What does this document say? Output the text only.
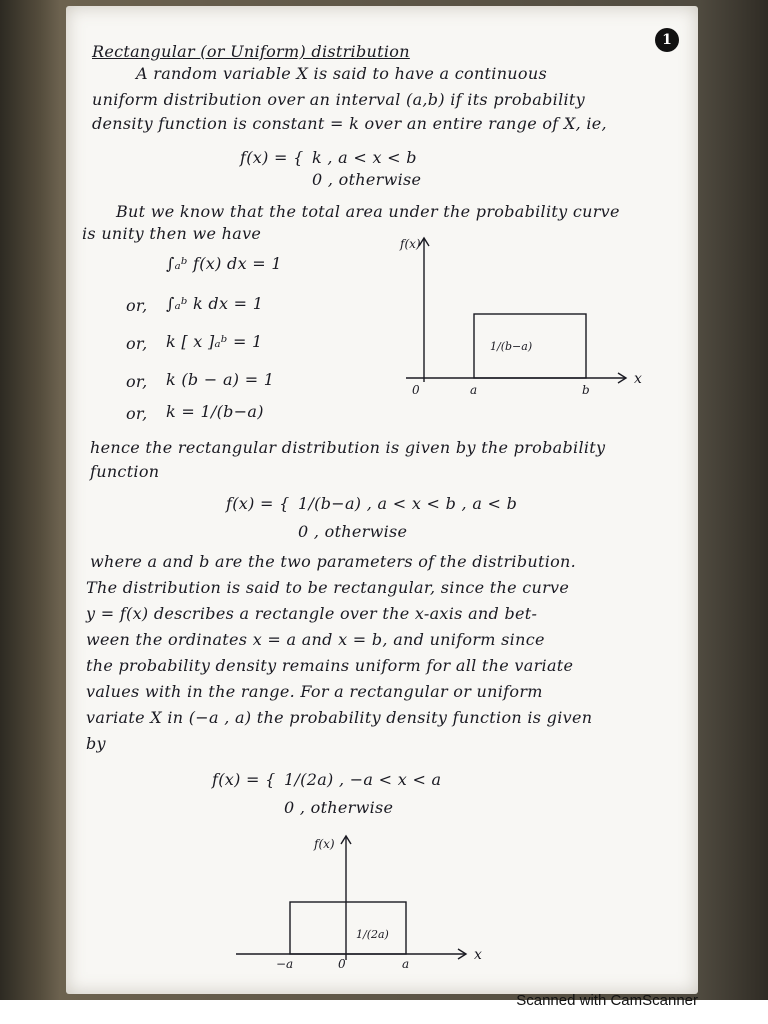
1
Rectangular (or Uniform) distribution
A random variable X is said to have a continuous
uniform distribution over an interval (a,b) if its probability
density function is constant = k over an entire range of X, ie,
f(x) = { k , a < x < b
0 , otherwise
But we know that the total area under the probability curve
is unity then we have
∫ₐᵇ f(x) dx = 1
or, ∫ₐᵇ k dx = 1
or, k [ x ]ₐᵇ = 1
or, k (b − a) = 1
or, k = 1/(b−a)
f(x)
x
0	a	b
1/(b−a)
hence the rectangular distribution is given by the probability
function
f(x) = { 1/(b−a) , a < x < b , a < b
0 , otherwise
where a and b are the two parameters of the distribution.
The distribution is said to be rectangular, since the curve
y = f(x) describes a rectangle over the x-axis and bet-
ween the ordinates x = a and x = b, and uniform since
the probability density remains uniform for all the variate
values with in the range. For a rectangular or uniform
variate X in (−a , a) the probability density function is given
by
f(x) = { 1/(2a) , −a < x < a
0 , otherwise
f(x)
x
0
−a	a
1/(2a)
Scanned with CamScanner
